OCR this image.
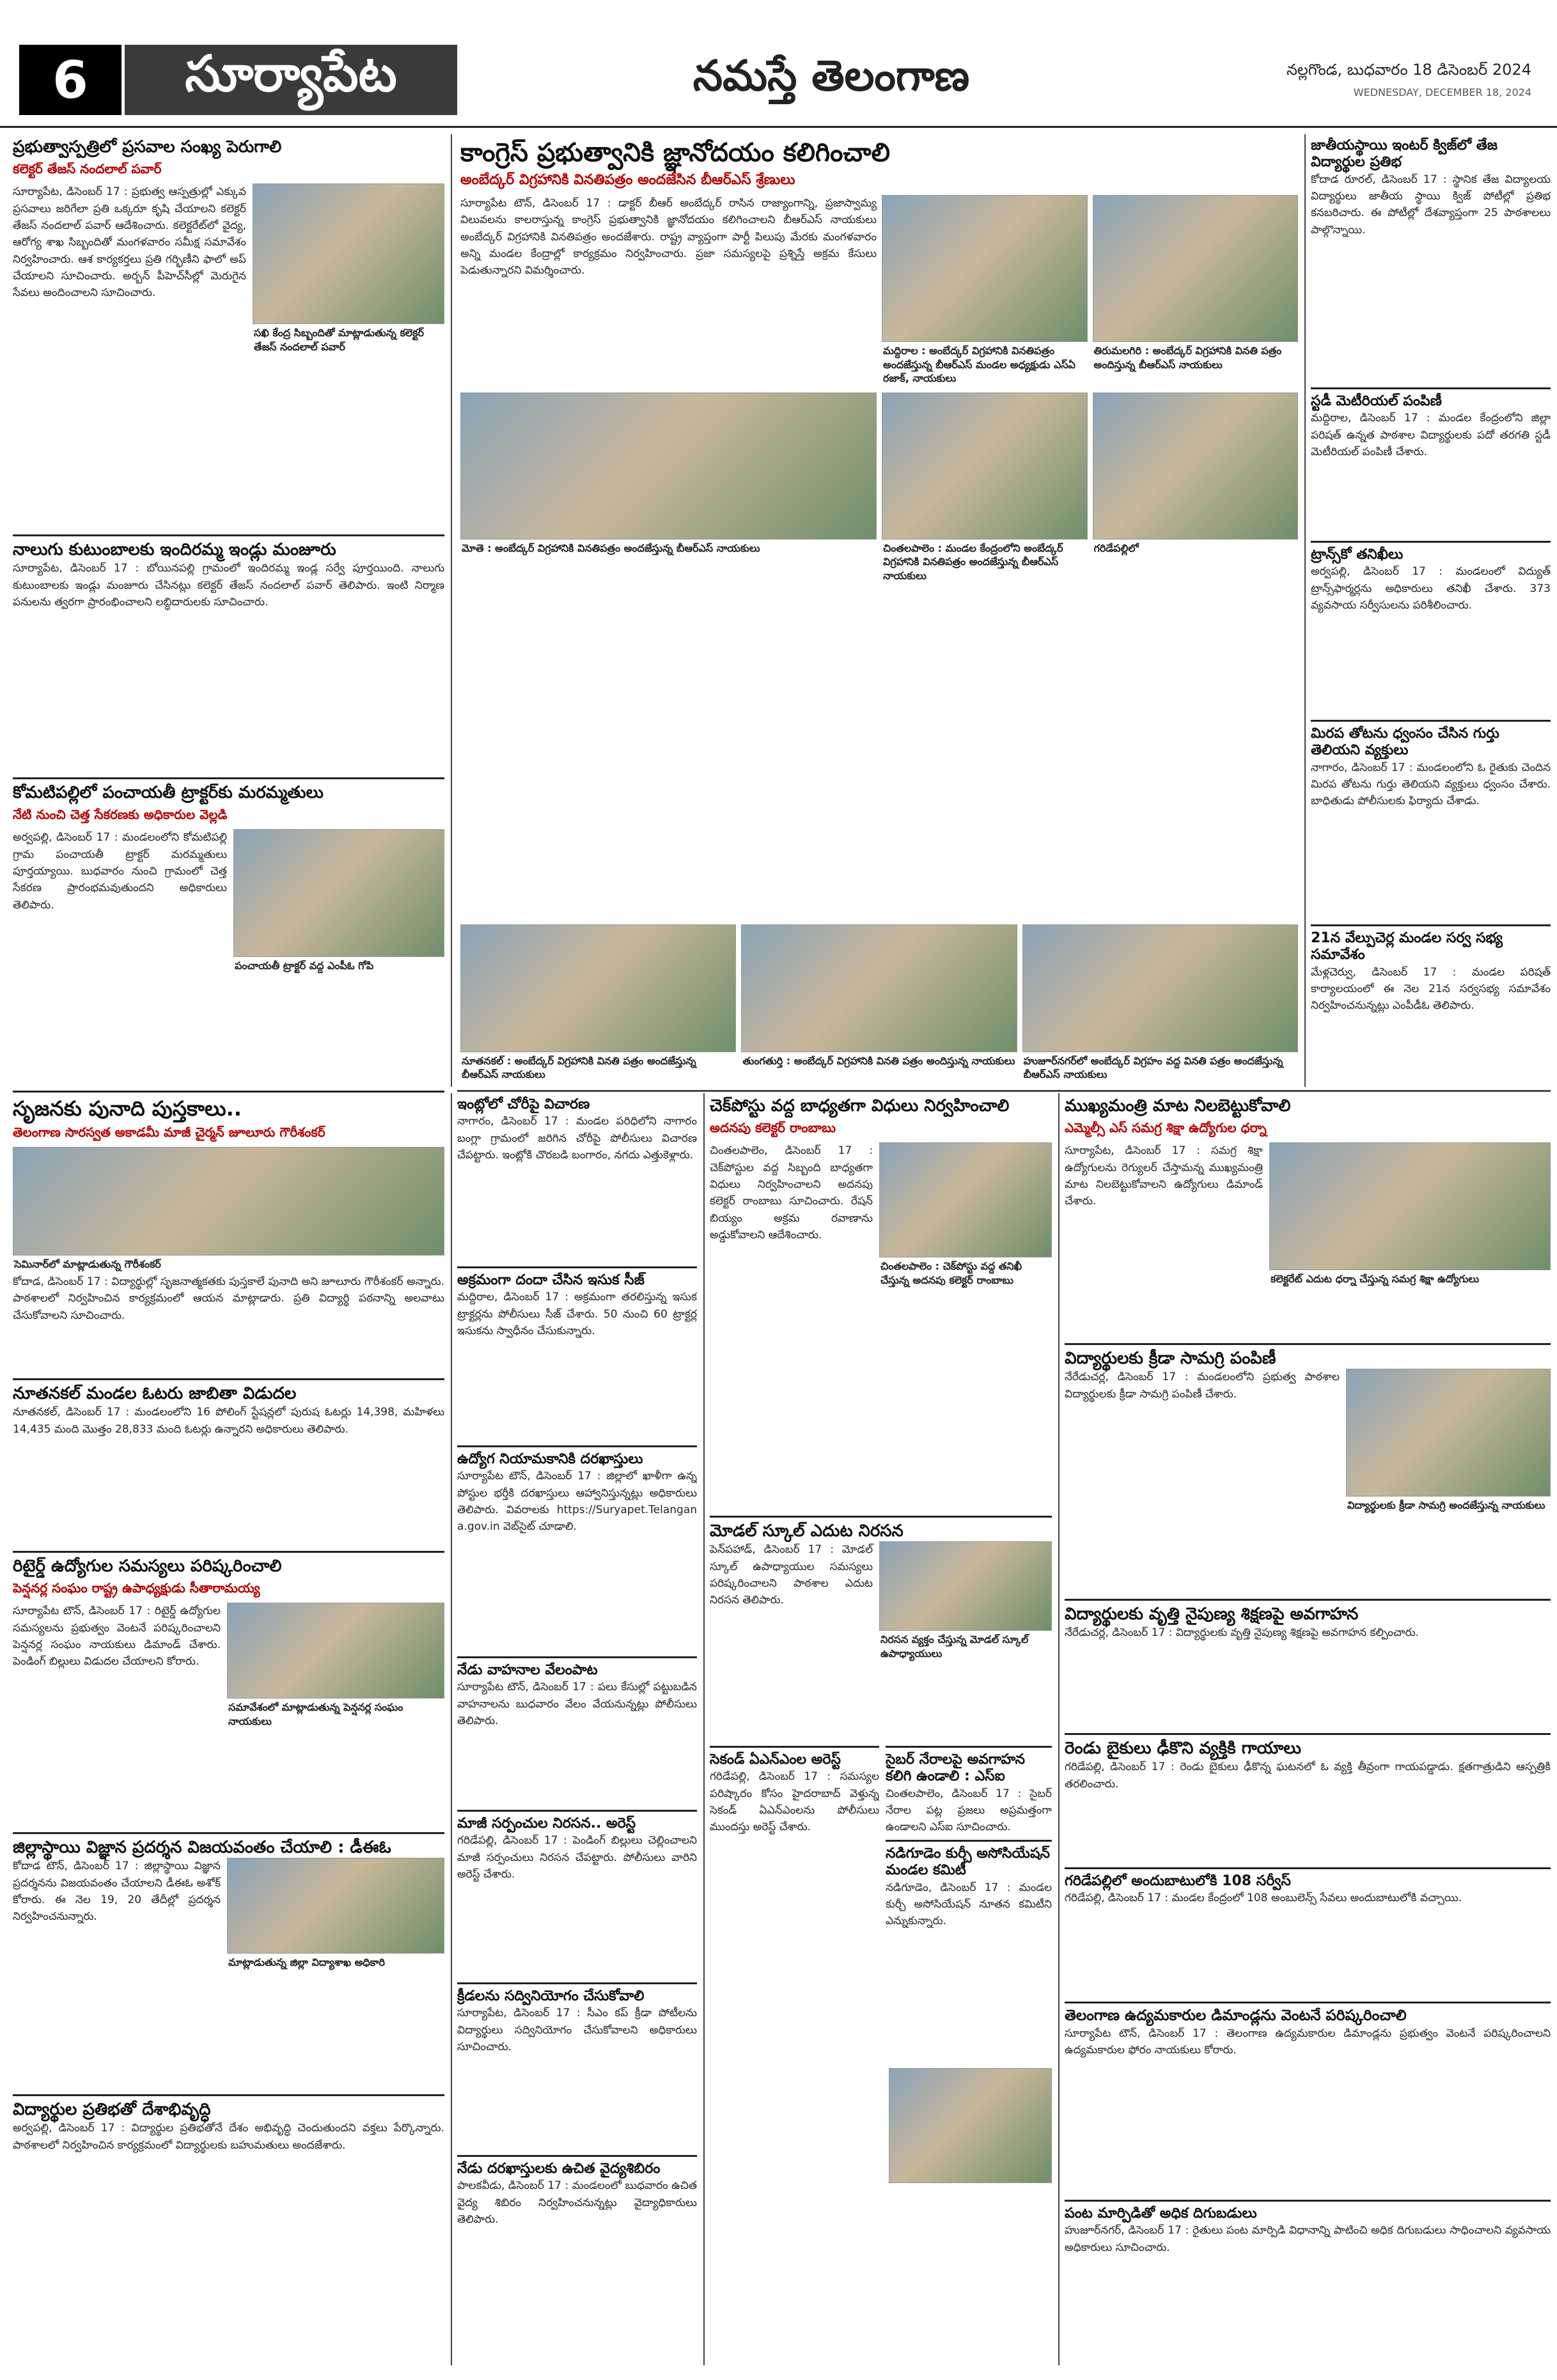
6	సూర్యాపేట	నమస్తే తెలంగాణ	నల్లగొండ, బుధవారం 18 డిసెంబర్ 2024
WEDNESDAY, DECEMBER 18, 2024
ప్రభుత్వాస్పత్రిలో ప్రసవాల సంఖ్య పెరుగాలి
కలెక్టర్ తేజస్ నందలాల్ పవార్

సూర్యాపేట, డిసెంబర్ 17 : ప్రభుత్వ ఆస్పత్రుల్లో ఎక్కువ ప్రసవాలు జరిగేలా ప్రతి ఒక్కరూ కృషి చేయాలని కలెక్టర్ తేజస్ నందలాల్ పవార్ ఆదేశించారు. కలెక్టరేట్‌లో వైద్య, ఆరోగ్య శాఖ సిబ్బందితో మంగళవారం సమీక్ష సమావేశం నిర్వహించారు. ఆశ కార్యకర్తలు ప్రతి గర్భిణీని ఫాలో అప్ చేయాలని సూచించారు. అర్బన్ పీహెచ్‌సీల్లో మెరుగైన సేవలు అందించాలని సూచించారు.

సఖి కేంద్ర సిబ్బందితో మాట్లాడుతున్న కలెక్టర్ తేజస్ నందలాల్ పవార్
నాలుగు కుటుంబాలకు ఇందిరమ్మ ఇండ్లు మంజూరు

సూర్యాపేట, డిసెంబర్ 17 : బోయినపల్లి గ్రామంలో ఇందిరమ్మ ఇండ్ల సర్వే పూర్తయింది. నాలుగు కుటుంబాలకు ఇండ్లు మంజూరు చేసినట్లు కలెక్టర్ తేజస్ నందలాల్ పవార్ తెలిపారు. ఇంటి నిర్మాణ పనులను త్వరగా ప్రారంభించాలని లబ్ధిదారులకు సూచించారు.

కోమటిపల్లిలో పంచాయతీ ట్రాక్టర్‌కు మరమ్మతులు
నేటి నుంచి చెత్త సేకరణకు అధికారుల వెల్లడి

అర్వపల్లి, డిసెంబర్ 17 : మండలంలోని కోమటిపల్లి గ్రామ పంచాయతీ ట్రాక్టర్ మరమ్మతులు పూర్తయ్యాయి. బుధవారం నుంచి గ్రామంలో చెత్త సేకరణ ప్రారంభమవుతుందని అధికారులు తెలిపారు.

పంచాయతీ ట్రాక్టర్ వద్ద ఎంపీఓ గోపి
సృజనకు పునాది పుస్తకాలు..
తెలంగాణ సారస్వత అకాడమీ మాజీ చైర్మన్ జూలూరు గౌరీశంకర్
సెమినార్‌లో మాట్లాడుతున్న గౌరీశంకర్

కోదాడ, డిసెంబర్ 17 : విద్యార్థుల్లో సృజనాత్మకతకు పుస్తకాలే పునాది అని జూలూరు గౌరీశంకర్ అన్నారు. పాఠశాలలో నిర్వహించిన కార్యక్రమంలో ఆయన మాట్లాడారు. ప్రతి విద్యార్థి పఠనాన్ని అలవాటు చేసుకోవాలని సూచించారు.

నూతనకల్ మండల ఓటరు జాబితా విడుదల

నూతనకల్, డిసెంబర్ 17 : మండలంలోని 16 పోలింగ్ స్టేషన్లలో పురుష ఓటర్లు 14,398, మహిళలు 14,435 మంది మొత్తం 28,833 మంది ఓటర్లు ఉన్నారని అధికారులు తెలిపారు.

రిటైర్డ్ ఉద్యోగుల సమస్యలు పరిష్కరించాలి
పెన్షనర్ల సంఘం రాష్ట్ర ఉపాధ్యక్షుడు సీతారామయ్య

సూర్యాపేట టౌన్, డిసెంబర్ 17 : రిటైర్డ్ ఉద్యోగుల సమస్యలను ప్రభుత్వం వెంటనే పరిష్కరించాలని పెన్షనర్ల సంఘం నాయకులు డిమాండ్ చేశారు. పెండింగ్ బిల్లులు విడుదల చేయాలని కోరారు.

సమావేశంలో మాట్లాడుతున్న పెన్షనర్ల సంఘం నాయకులు
జిల్లాస్థాయి విజ్ఞాన ప్రదర్శన విజయవంతం చేయాలి : డీఈఓ

కోదాడ టౌన్, డిసెంబర్ 17 : జిల్లాస్థాయి విజ్ఞాన ప్రదర్శనను విజయవంతం చేయాలని డీఈఓ అశోక్ కోరారు. ఈ నెల 19, 20 తేదీల్లో ప్రదర్శన నిర్వహించనున్నారు.

మాట్లాడుతున్న జిల్లా విద్యాశాఖ అధికారి
విద్యార్థుల ప్రతిభతో దేశాభివృద్ధి

అర్వపల్లి, డిసెంబర్ 17 : విద్యార్థుల ప్రతిభతోనే దేశం అభివృద్ధి చెందుతుందని వక్తలు పేర్కొన్నారు. పాఠశాలలో నిర్వహించిన కార్యక్రమంలో విద్యార్థులకు బహుమతులు అందజేశారు.

కాంగ్రెస్ ప్రభుత్వానికి జ్ఞానోదయం కలిగించాలి
అంబేద్కర్ విగ్రహానికి వినతిపత్రం అందజేసిన బీఆర్ఎస్ శ్రేణులు

సూర్యాపేట టౌన్, డిసెంబర్ 17 : డాక్టర్ బీఆర్ అంబేద్కర్ రాసిన రాజ్యాంగాన్ని, ప్రజాస్వామ్య విలువలను కాలరాస్తున్న కాంగ్రెస్ ప్రభుత్వానికి జ్ఞానోదయం కలిగించాలని బీఆర్ఎస్ నాయకులు అంబేద్కర్ విగ్రహానికి వినతిపత్రం అందజేశారు. రాష్ట్ర వ్యాప్తంగా పార్టీ పిలుపు మేరకు మంగళవారం అన్ని మండల కేంద్రాల్లో కార్యక్రమం నిర్వహించారు. ప్రజా సమస్యలపై ప్రశ్నిస్తే అక్రమ కేసులు పెడుతున్నారని విమర్శించారు.

మద్దిరాల : అంబేద్కర్ విగ్రహానికి వినతిపత్రం అందజేస్తున్న బీఆర్ఎస్ మండల అధ్యక్షుడు ఎస్ఏ రజాక్, నాయకులు
తిరుమలగిరి : అంబేద్కర్ విగ్రహానికి వినతి పత్రం అందిస్తున్న బీఆర్ఎస్ నాయకులు
మోతె : అంబేద్కర్ విగ్రహానికి వినతిపత్రం అందజేస్తున్న బీఆర్ఎస్ నాయకులు	చింతలపాలెం : మండల కేంద్రంలోని అంబేద్కర్ విగ్రహానికి వినతిపత్రం అందజేస్తున్న బీఆర్ఎస్ నాయకులు
గరిడేపల్లిలో
నూతనకల్ : అంబేద్కర్ విగ్రహానికి వినతి పత్రం అందజేస్తున్న బీఆర్ఎస్ నాయకులు
తుంగతుర్తి : అంబేద్కర్ విగ్రహానికి వినతి పత్రం అందిస్తున్న నాయకులు హుజూర్‌నగర్‌లో అంబేద్కర్ విగ్రహం వద్ద వినతి పత్రం అందజేస్తున్న బీఆర్ఎస్ నాయకులు
జాతీయస్థాయి ఇంటర్ క్విజ్‌లో తేజ విద్యార్థుల ప్రతిభ

కోదాడ రూరల్, డిసెంబర్ 17 : స్థానిక తేజ విద్యాలయ విద్యార్థులు జాతీయ స్థాయి క్విజ్ పోటీల్లో ప్రతిభ కనబరిచారు. ఈ పోటీల్లో దేశవ్యాప్తంగా 25 పాఠశాలలు పాల్గొన్నాయి.

స్టడీ మెటీరియల్ పంపిణీ

మద్దిరాల, డిసెంబర్ 17 : మండల కేంద్రంలోని జిల్లా పరిషత్ ఉన్నత పాఠశాల విద్యార్థులకు పదో తరగతి స్టడీ మెటీరియల్ పంపిణీ చేశారు.

ట్రాన్స్‌కో తనిఖీలు

అర్వపల్లి, డిసెంబర్ 17 : మండలంలో విద్యుత్ ట్రాన్స్‌ఫార్మర్లను అధికారులు తనిఖీ చేశారు. 373 వ్యవసాయ సర్వీసులను పరిశీలించారు.

మిరప తోటను ధ్వంసం చేసిన గుర్తు తెలియని వ్యక్తులు

నాగారం, డిసెంబర్ 17 : మండలంలోని ఓ రైతుకు చెందిన మిరప తోటను గుర్తు తెలియని వ్యక్తులు ధ్వంసం చేశారు. బాధితుడు పోలీసులకు ఫిర్యాదు చేశాడు.

21న వేల్పుచెర్ల మండల సర్వ సభ్య సమావేశం

మేళ్లచెర్వు, డిసెంబర్ 17 : మండల పరిషత్ కార్యాలయంలో ఈ నెల 21న సర్వసభ్య సమావేశం నిర్వహించనున్నట్లు ఎంపీడీఓ తెలిపారు.

ఇంట్లోలో చోరీపై విచారణ

నాగారం, డిసెంబర్ 17 : మండల పరిధిలోని నాగారం బంగ్లా గ్రామంలో జరిగిన చోరీపై పోలీసులు విచారణ చేపట్టారు. ఇంట్లోకి చొరబడి బంగారం, నగదు ఎత్తుకెళ్లారు.

అక్రమంగా దందా చేసిన ఇసుక సీజ్

మద్దిరాల, డిసెంబర్ 17 : అక్రమంగా తరలిస్తున్న ఇసుక ట్రాక్టర్లను పోలీసులు సీజ్ చేశారు. 50 నుంచి 60 ట్రాక్టర్ల ఇసుకను స్వాధీనం చేసుకున్నారు.

ఉద్యోగ నియామకానికి దరఖాస్తులు

సూర్యాపేట టౌన్, డిసెంబర్ 17 : జిల్లాలో ఖాళీగా ఉన్న పోస్టుల భర్తీకి దరఖాస్తులు ఆహ్వానిస్తున్నట్లు అధికారులు తెలిపారు. వివరాలకు https://Suryapet.Telangana.gov.in వెబ్‌సైట్ చూడాలి.

నేడు వాహనాల వేలంపాట

సూర్యాపేట టౌన్, డిసెంబర్ 17 : పలు కేసుల్లో పట్టుబడిన వాహనాలను బుధవారం వేలం వేయనున్నట్లు పోలీసులు తెలిపారు.

మాజీ సర్పంచుల నిరసన.. అరెస్ట్

గరిడేపల్లి, డిసెంబర్ 17 : పెండింగ్ బిల్లులు చెల్లించాలని మాజీ సర్పంచులు నిరసన చేపట్టారు. పోలీసులు వారిని అరెస్ట్ చేశారు.

క్రీడలను సద్వినియోగం చేసుకోవాలి

సూర్యాపేట, డిసెంబర్ 17 : సీఎం కప్ క్రీడా పోటీలను విద్యార్థులు సద్వినియోగం చేసుకోవాలని అధికారులు సూచించారు.

నేడు దరఖాస్తులకు ఉచిత వైద్యశిబిరం

పాలకవీడు, డిసెంబర్ 17 : మండలంలో బుధవారం ఉచిత వైద్య శిబిరం నిర్వహించనున్నట్లు వైద్యాధికారులు తెలిపారు.

చెక్‌పోస్టు వద్ద బాధ్యతగా విధులు నిర్వహించాలి
అదనపు కలెక్టర్ రాంబాబు

చింతలపాలెం, డిసెంబర్ 17 : చెక్‌పోస్టుల వద్ద సిబ్బంది బాధ్యతగా విధులు నిర్వహించాలని అదనపు కలెక్టర్ రాంబాబు సూచించారు. రేషన్ బియ్యం అక్రమ రవాణాను అడ్డుకోవాలని ఆదేశించారు.

చింతలపాలెం : చెక్‌పోస్టు వద్ద తనిఖీ చేస్తున్న అదనపు కలెక్టర్ రాంబాబు
మోడల్ స్కూల్ ఎదుట నిరసన

పెన్‌పహాడ్, డిసెంబర్ 17 : మోడల్ స్కూల్ ఉపాధ్యాయుల సమస్యలు పరిష్కరించాలని పాఠశాల ఎదుట నిరసన తెలిపారు.

నిరసన వ్యక్తం చేస్తున్న మోడల్ స్కూల్ ఉపాధ్యాయులు
సెకండ్ ఏఎన్ఎంల అరెస్ట్

గరిడేపల్లి, డిసెంబర్ 17 : సమస్యల పరిష్కారం కోసం హైదరాబాద్ వెళ్తున్న సెకండ్ ఏఎన్ఎంలను పోలీసులు ముందస్తు అరెస్ట్ చేశారు.

సైబర్ నేరాలపై అవగాహన కలిగి ఉండాలి : ఎస్ఐ

చింతలపాలెం, డిసెంబర్ 17 : సైబర్ నేరాల పట్ల ప్రజలు అప్రమత్తంగా ఉండాలని ఎస్ఐ సూచించారు.

నడిగూడెం కుర్చీ అసోసియేషన్ మండల కమిటీ

నడిగూడెం, డిసెంబర్ 17 : మండల కుర్చీ అసోసియేషన్ నూతన కమిటీని ఎన్నుకున్నారు.

ముఖ్యమంత్రి మాట నిలబెట్టుకోవాలి
ఎమ్మెల్సీ ఎస్ సమగ్ర శిక్షా ఉద్యోగుల ధర్నా

సూర్యాపేట, డిసెంబర్ 17 : సమగ్ర శిక్షా ఉద్యోగులను రెగ్యులర్ చేస్తామన్న ముఖ్యమంత్రి మాట నిలబెట్టుకోవాలని ఉద్యోగులు డిమాండ్ చేశారు.

కలెక్టరేట్ ఎదుట ధర్నా చేస్తున్న సమగ్ర శిక్షా ఉద్యోగులు
విద్యార్థులకు క్రీడా సామగ్రి పంపిణీ

నేరేడుచర్ల, డిసెంబర్ 17 : మండలంలోని ప్రభుత్వ పాఠశాల విద్యార్థులకు క్రీడా సామగ్రి పంపిణీ చేశారు.

విద్యార్థులకు క్రీడా సామగ్రి అందజేస్తున్న నాయకులు
విద్యార్థులకు వృత్తి నైపుణ్య శిక్షణపై అవగాహన

నేరేడుచర్ల, డిసెంబర్ 17 : విద్యార్థులకు వృత్తి నైపుణ్య శిక్షణపై అవగాహన కల్పించారు.

రెండు బైకులు ఢీకొని వ్యక్తికి గాయాలు

గరిడేపల్లి, డిసెంబర్ 17 : రెండు బైకులు ఢీకొన్న ఘటనలో ఓ వ్యక్తి తీవ్రంగా గాయపడ్డాడు. క్షతగాత్రుడిని ఆస్పత్రికి తరలించారు.

గరిడేపల్లిలో అందుబాటులోకి 108 సర్వీస్

గరిడేపల్లి, డిసెంబర్ 17 : మండల కేంద్రంలో 108 అంబులెన్స్ సేవలు అందుబాటులోకి వచ్చాయి.

తెలంగాణ ఉద్యమకారుల డిమాండ్లను వెంటనే పరిష్కరించాలి

సూర్యాపేట టౌన్, డిసెంబర్ 17 : తెలంగాణ ఉద్యమకారుల డిమాండ్లను ప్రభుత్వం వెంటనే పరిష్కరించాలని ఉద్యమకారుల ఫోరం నాయకులు కోరారు.

పంట మార్పిడితో అధిక దిగుబడులు

హుజూర్‌నగర్, డిసెంబర్ 17 : రైతులు పంట మార్పిడి విధానాన్ని పాటించి అధిక దిగుబడులు సాధించాలని వ్యవసాయ అధికారులు సూచించారు.
